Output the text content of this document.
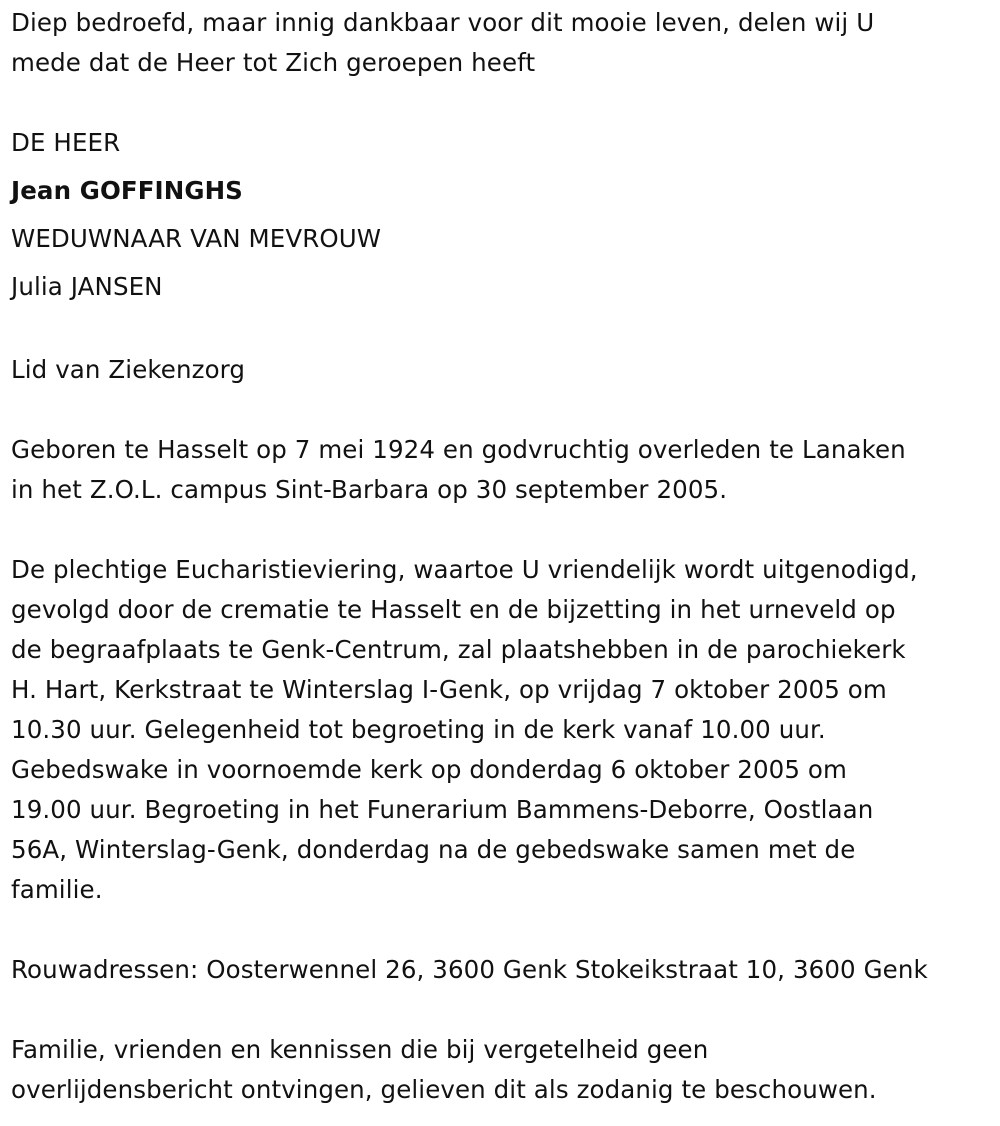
Diep bedroefd, maar innig dankbaar voor dit mooie leven, delen wij U
mede dat de Heer tot Zich geroepen heeft
DE HEER
Jean GOFFINGHS
WEDUWNAAR VAN MEVROUW
Julia JANSEN
Lid van Ziekenzorg
Geboren te Hasselt op 7 mei 1924 en godvruchtig overleden te Lanaken
in het Z.O.L. campus Sint-Barbara op 30 september 2005.
De plechtige Eucharistieviering, waartoe U vriendelijk wordt uitgenodigd,
gevolgd door de crematie te Hasselt en de bijzetting in het urneveld op
de begraafplaats te Genk-Centrum, zal plaatshebben in de parochiekerk
H. Hart, Kerkstraat te Winterslag I-Genk, op vrijdag 7 oktober 2005 om
10.30 uur. Gelegenheid tot begroeting in de kerk vanaf 10.00 uur.
Gebedswake in voornoemde kerk op donderdag 6 oktober 2005 om
19.00 uur. Begroeting in het Funerarium Bammens-Deborre, Oostlaan
56A, Winterslag-Genk, donderdag na de gebedswake samen met de
familie.
Rouwadressen: Oosterwennel 26, 3600 Genk Stokeikstraat 10, 3600 Genk
Familie, vrienden en kennissen die bij vergetelheid geen
overlijdensbericht ontvingen, gelieven dit als zodanig te beschouwen.
